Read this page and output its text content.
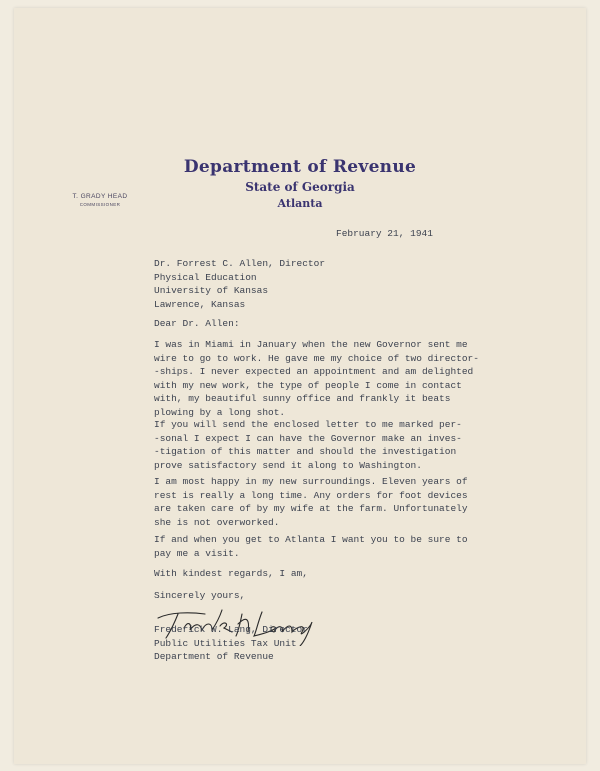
Department of Revenue
State of Georgia
Atlanta
T. GRADY HEAD
COMMISSIONER
February 21, 1941
Dr. Forrest C. Allen, Director
Physical Education
University of Kansas
Lawrence, Kansas
Dear Dr. Allen:
I was in Miami in January when the new Governor sent me
wire to go to work. He gave me my choice of two director-
-ships. I never expected an appointment and am delighted
with my new work, the type of people I come in contact
with, my beautiful sunny office and frankly it beats
plowing by a long shot.
If you will send the enclosed letter to me marked per-
-sonal I expect I can have the Governor make an inves-
-tigation of this matter and should the investigation
prove satisfactory send it along to Washington.
I am most happy in my new surroundings. Eleven years of
rest is really a long time. Any orders for foot devices
are taken care of by my wife at the farm. Unfortunately
she is not overworked.
If and when you get to Atlanta I want you to be sure to
pay me a visit.
With kindest regards, I am,
Sincerely yours,
Frederick W. Lang, Director
Public Utilities Tax Unit
Department of Revenue
